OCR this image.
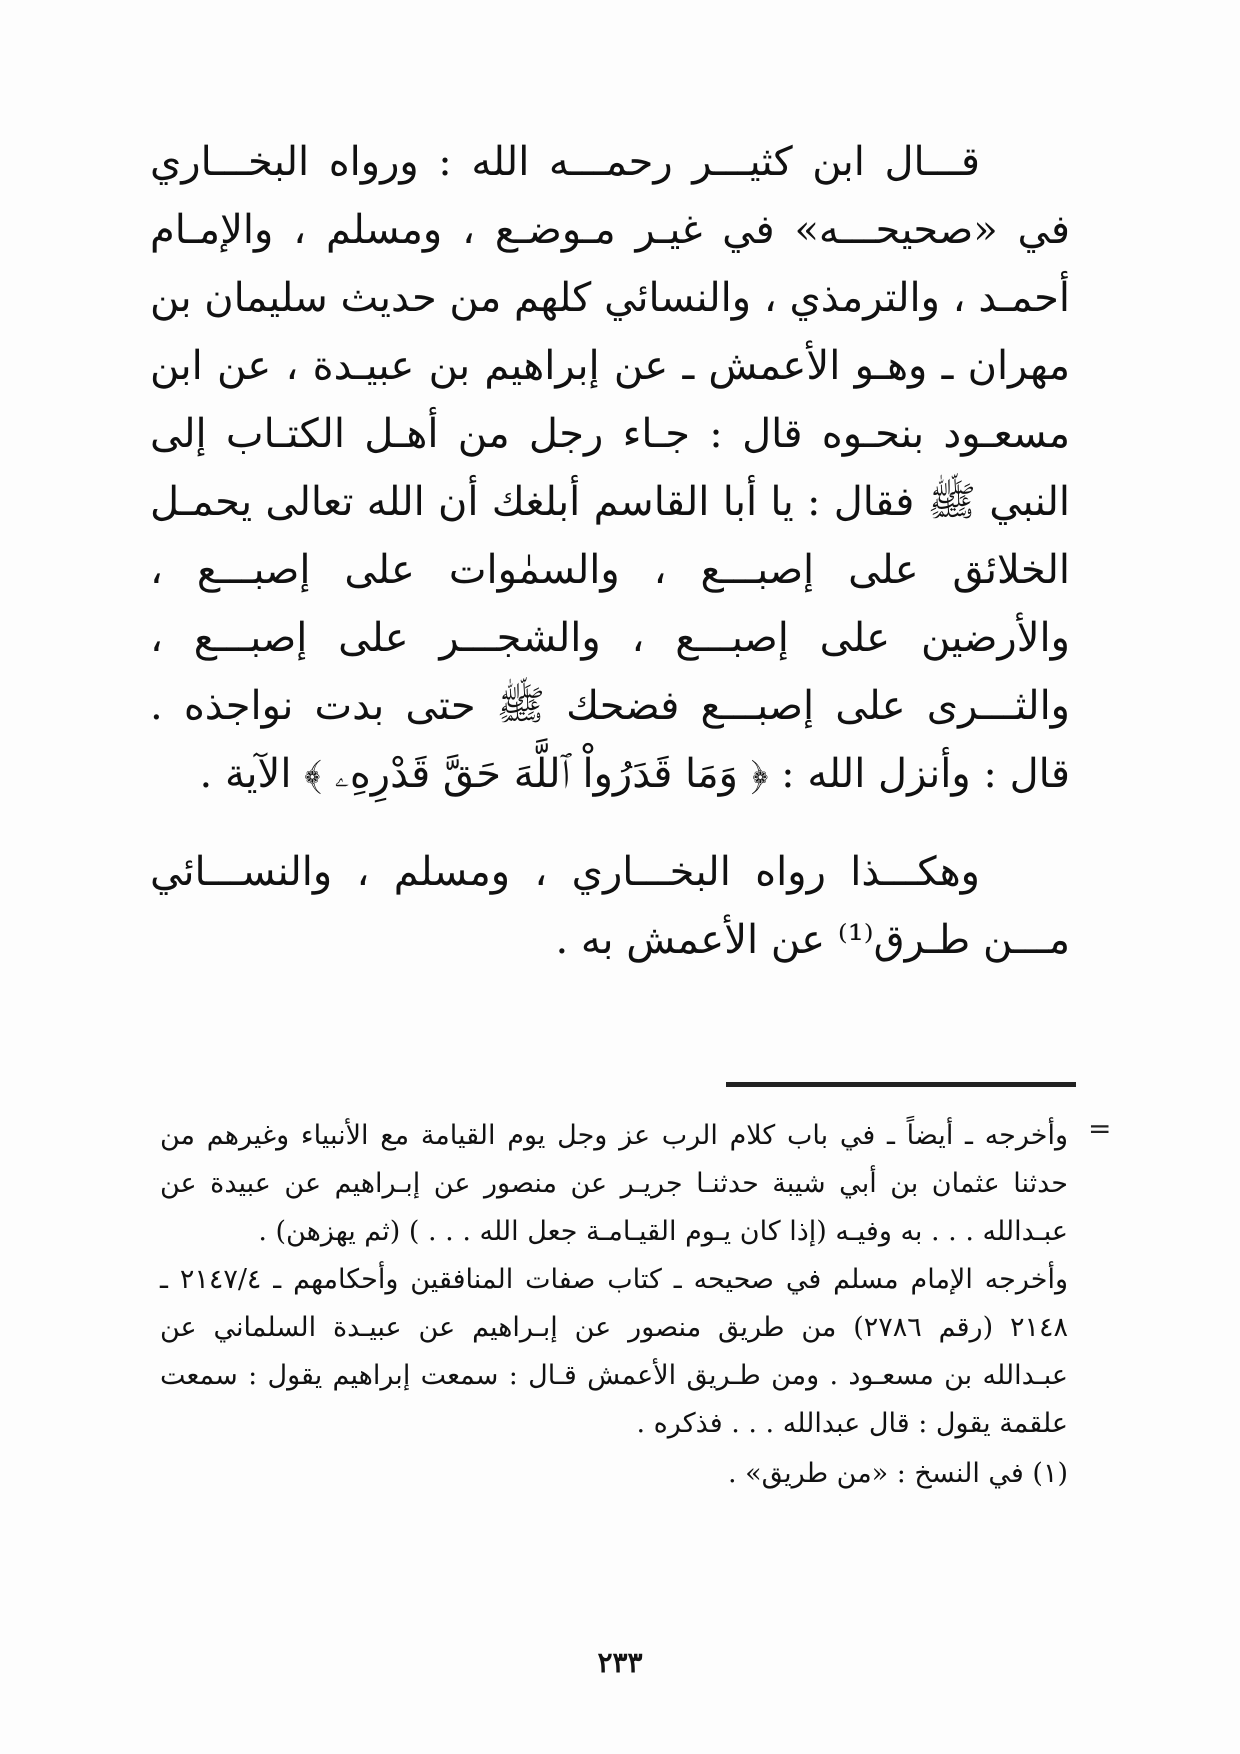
قـــال ابن كثيـــر رحمـــه الله : ورواه البخـــاري في «صحيحـــه» في غيـر مـوضـع ، ومسلم ، والإمـام أحمـد ، والترمذي ، والنسائي كلهم من حديث سليمان بن مهران ـ وهـو الأعمش ـ عن إبراهيم بن عبيـدة ، عن ابن مسعـود بنحـوه قال : جـاء رجل من أهـل الكتـاب إلى النبي ﷺ فقال : يا أبا القاسم أبلغك أن الله تعالى يحمـل الخلائق على إصبـــع ، والسمٰوات على إصبـــع ، والأرضين على إصبـــع ، والشجـــر على إصبـــع ، والثـــرى على إصبـــع فضحك ﷺ حتى بدت نواجذه . قال : وأنزل الله : ﴿ وَمَا قَدَرُواْ ٱللَّهَ حَقَّ قَدْرِهِۦ ﴾ الآية .

وهكـــذا رواه البخـــاري ، ومسلم ، والنســـائي مـــن طـرق⁽¹⁾ عن الأعمش به .

=

وأخرجه ـ أيضاً ـ في باب كلام الرب عز وجل يوم القيامة مع الأنبياء وغيرهم من حدثنا عثمان بن أبي شيبة حدثنـا جريـر عن منصور عن إبـراهيم عن عبيدة عن عبـدالله . . . به وفيـه (إذا كان يـوم القيـامـة جعل الله . . . ) (ثم يهزهن) .

وأخرجه الإمام مسلم في صحيحه ـ كتاب صفات المنافقين وأحكامهم ـ ٢١٤٧/٤ ـ ٢١٤٨ (رقم ٢٧٨٦) من طريق منصور عن إبـراهيم عن عبيـدة السلماني عن عبـدالله بن مسعـود . ومن طـريق الأعمش قـال : سمعت إبراهيم يقول : سمعت علقمة يقول : قال عبدالله . . . فذكره .

(١) في النسخ : «من طريق» .

٢٣٣
